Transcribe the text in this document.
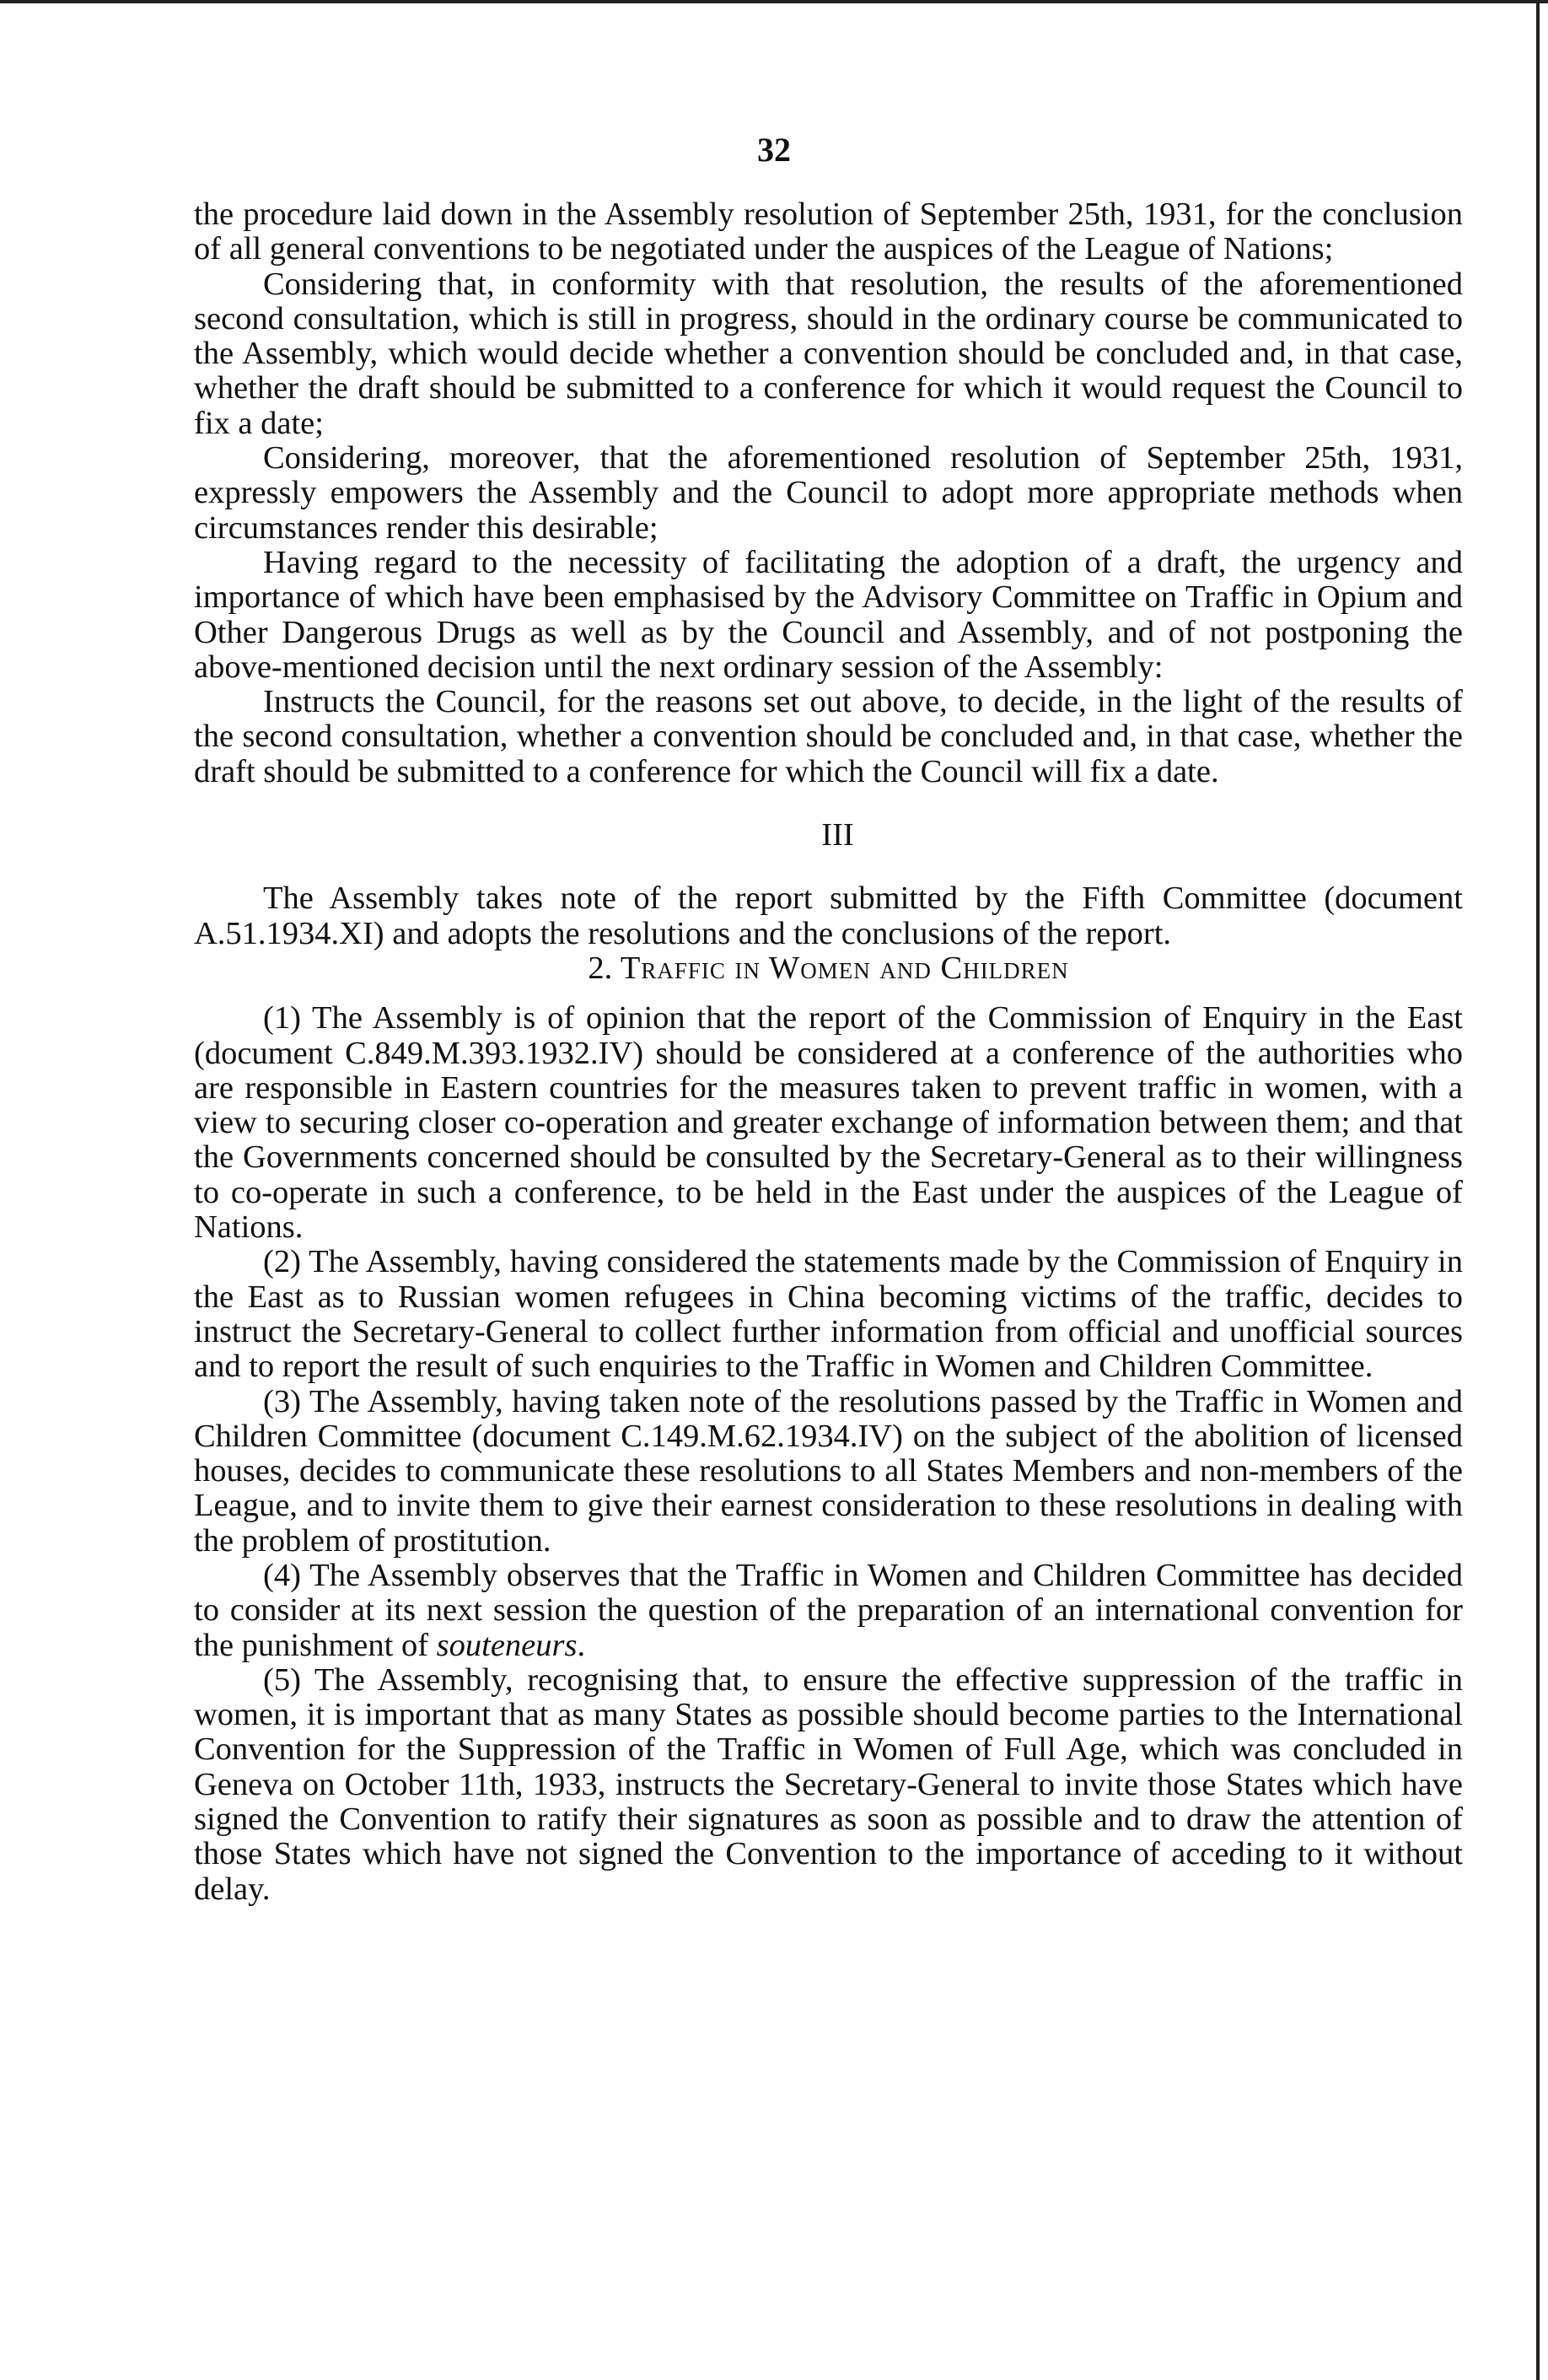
32

the procedure laid down in the Assembly resolution of September 25th, 1931, for the conclusion of all general conventions to be negotiated under the auspices of the League of Nations;

Considering that, in conformity with that resolution, the results of the aforementioned second consultation, which is still in progress, should in the ordinary course be communicated to the Assembly, which would decide whether a convention should be concluded and, in that case, whether the draft should be submitted to a conference for which it would request the Council to fix a date;

Considering, moreover, that the aforementioned resolution of September 25th, 1931, expressly empowers the Assembly and the Council to adopt more appropriate methods when circumstances render this desirable;

Having regard to the necessity of facilitating the adoption of a draft, the urgency and importance of which have been emphasised by the Advisory Committee on Traffic in Opium and Other Dangerous Drugs as well as by the Council and Assembly, and of not postponing the above-mentioned decision until the next ordinary session of the Assembly:

Instructs the Council, for the reasons set out above, to decide, in the light of the results of the second consultation, whether a convention should be concluded and, in that case, whether the draft should be submitted to a conference for which the Council will fix a date.

III

The Assembly takes note of the report submitted by the Fifth Committee (document A.51.1934.XI) and adopts the resolutions and the conclusions of the report.

2. Traffic in Women and Children

(1) The Assembly is of opinion that the report of the Commission of Enquiry in the East (document C.849.M.393.1932.IV) should be considered at a conference of the authorities who are responsible in Eastern countries for the measures taken to prevent traffic in women, with a view to securing closer co-operation and greater exchange of information between them; and that the Governments concerned should be consulted by the Secretary-General as to their willingness to co-operate in such a conference, to be held in the East under the auspices of the League of Nations.

(2) The Assembly, having considered the statements made by the Commission of Enquiry in the East as to Russian women refugees in China becoming victims of the traffic, decides to instruct the Secretary-General to collect further information from official and unofficial sources and to report the result of such enquiries to the Traffic in Women and Children Committee.

(3) The Assembly, having taken note of the resolutions passed by the Traffic in Women and Children Committee (document C.149.M.62.1934.IV) on the subject of the abolition of licensed houses, decides to communicate these resolutions to all States Members and non-members of the League, and to invite them to give their earnest consideration to these resolutions in dealing with the problem of prostitution.

(4) The Assembly observes that the Traffic in Women and Children Committee has decided to consider at its next session the question of the preparation of an international convention for the punishment of souteneurs.

(5) The Assembly, recognising that, to ensure the effective suppression of the traffic in women, it is important that as many States as possible should become parties to the International Convention for the Suppression of the Traffic in Women of Full Age, which was concluded in Geneva on October 11th, 1933, instructs the Secretary-General to invite those States which have signed the Convention to ratify their signatures as soon as possible and to draw the attention of those States which have not signed the Convention to the importance of acceding to it without delay.
